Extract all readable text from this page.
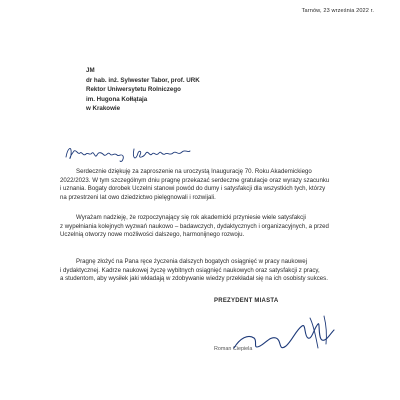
Tarnów, 23 września 2022 r.
JM
dr hab. inż. Sylwester Tabor, prof. URK
Rektor Uniwersytetu Rolniczego
im. Hugona Kołłątaja
w Krakowie
Serdecznie dziękuję za zaproszenie na uroczystą Inaugurację 70. Roku Akademickiego
2022/2023. W tym szczególnym dniu pragnę przekazać serdeczne gratulacje oraz wyrazy szacunku
i uznania. Bogaty dorobek Uczelni stanowi powód do dumy i satysfakcji dla wszystkich tych, którzy
na przestrzeni lat owo dziedzictwo pielęgnowali i rozwijali.
Wyrażam nadzieję, że rozpoczynający się rok akademicki przyniesie wiele satysfakcji
z wypełniania kolejnych wyzwań naukowo – badawczych, dydaktycznych i organizacyjnych, a przed
Uczelnią otworzy nowe możliwości dalszego, harmonijnego rozwoju.
Pragnę złożyć na Pana ręce życzenia dalszych bogatych osiągnięć w pracy naukowej
i dydaktycznej. Kadrze naukowej życzę wybitnych osiągnięć naukowych oraz satysfakcji z pracy,
a studentom, aby wysiłek jaki wkładają w zdobywanie wiedzy przekładał się na ich osobisty sukces.
PREZYDENT MIASTA
Roman Ciepiela
